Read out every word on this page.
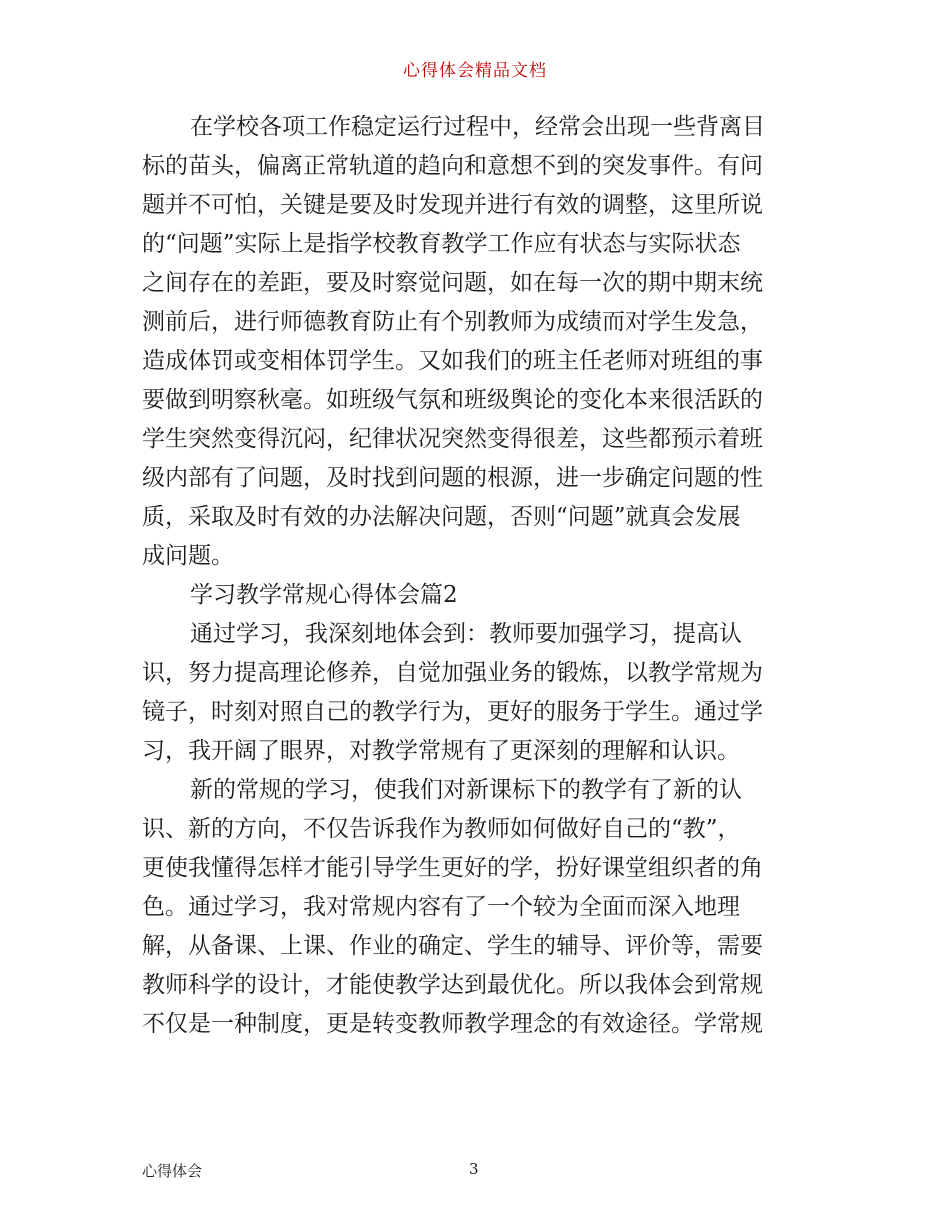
心得体会精品文档
在学校各项工作稳定运行过程中，经常会出现一些背离目
标的苗头，偏离正常轨道的趋向和意想不到的突发事件。有问
题并不可怕，关键是要及时发现并进行有效的调整，这里所说
的“问题”实际上是指学校教育教学工作应有状态与实际状态
之间存在的差距，要及时察觉问题，如在每一次的期中期末统
测前后，进行师德教育防止有个别教师为成绩而对学生发急，
造成体罚或变相体罚学生。又如我们的班主任老师对班组的事
要做到明察秋毫。如班级气氛和班级舆论的变化本来很活跃的
学生突然变得沉闷，纪律状况突然变得很差，这些都预示着班
级内部有了问题，及时找到问题的根源，进一步确定问题的性
质，采取及时有效的办法解决问题，否则“问题”就真会发展
成问题。
学习教学常规心得体会篇2
通过学习，我深刻地体会到：教师要加强学习，提高认
识，努力提高理论修养，自觉加强业务的锻炼，以教学常规为
镜子，时刻对照自己的教学行为，更好的服务于学生。通过学
习，我开阔了眼界，对教学常规有了更深刻的理解和认识。
新的常规的学习，使我们对新课标下的教学有了新的认
识、新的方向，不仅告诉我作为教师如何做好自己的“教”，
更使我懂得怎样才能引导学生更好的学，扮好课堂组织者的角
色。通过学习，我对常规内容有了一个较为全面而深入地理
解，从备课、上课、作业的确定、学生的辅导、评价等，需要
教师科学的设计，才能使教学达到最优化。所以我体会到常规
不仅是一种制度，更是转变教师教学理念的有效途径。学常规
心得体会	3
